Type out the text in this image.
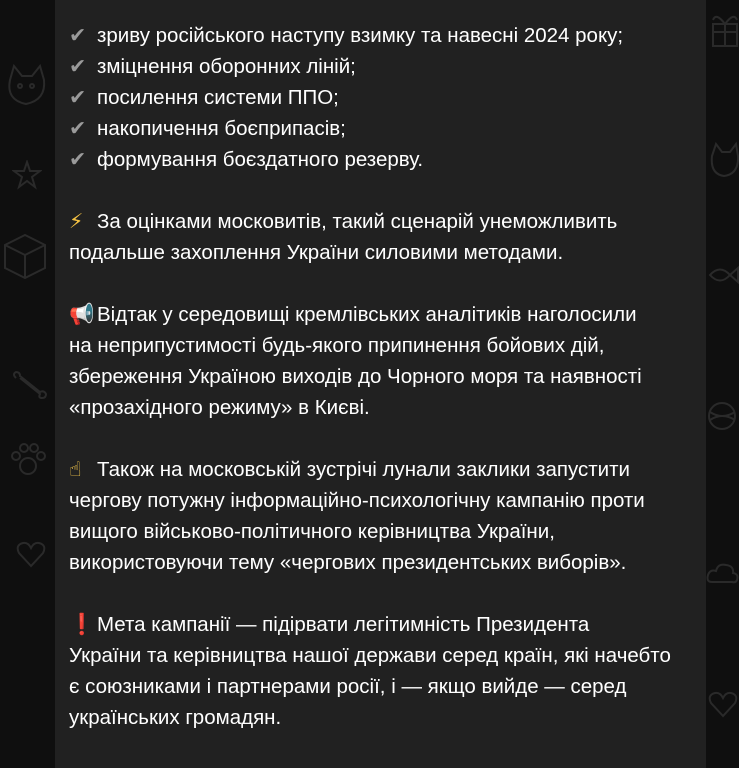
✔ зриву російського наступу взимку та навесні 2024 року;
✔ зміцнення оборонних ліній;
✔ посилення системи ППО;
✔ накопичення боєприпасів;
✔ формування боєздатного резерву.
⚡ За оцінками московитів, такий сценарій унеможливить
подальше захоплення України силовими методами.
📢 Відтак у середовищі кремлівських аналітиків наголосили
на неприпустимості будь-якого припинення бойових дій,
збереження Україною виходів до Чорного моря та наявності
«прозахідного режиму» в Києві.
☝ Також на московській зустрічі лунали заклики запустити
чергову потужну інформаційно-психологічну кампанію проти
вищого військово-політичного керівництва України,
використовуючи тему «чергових президентських виборів».
❗ Мета кампанії — підірвати легітимність Президента
України та керівництва нашої держави серед країн, які начебто
є союзниками і партнерами росії, і — якщо вийде — серед
українських громадян.
